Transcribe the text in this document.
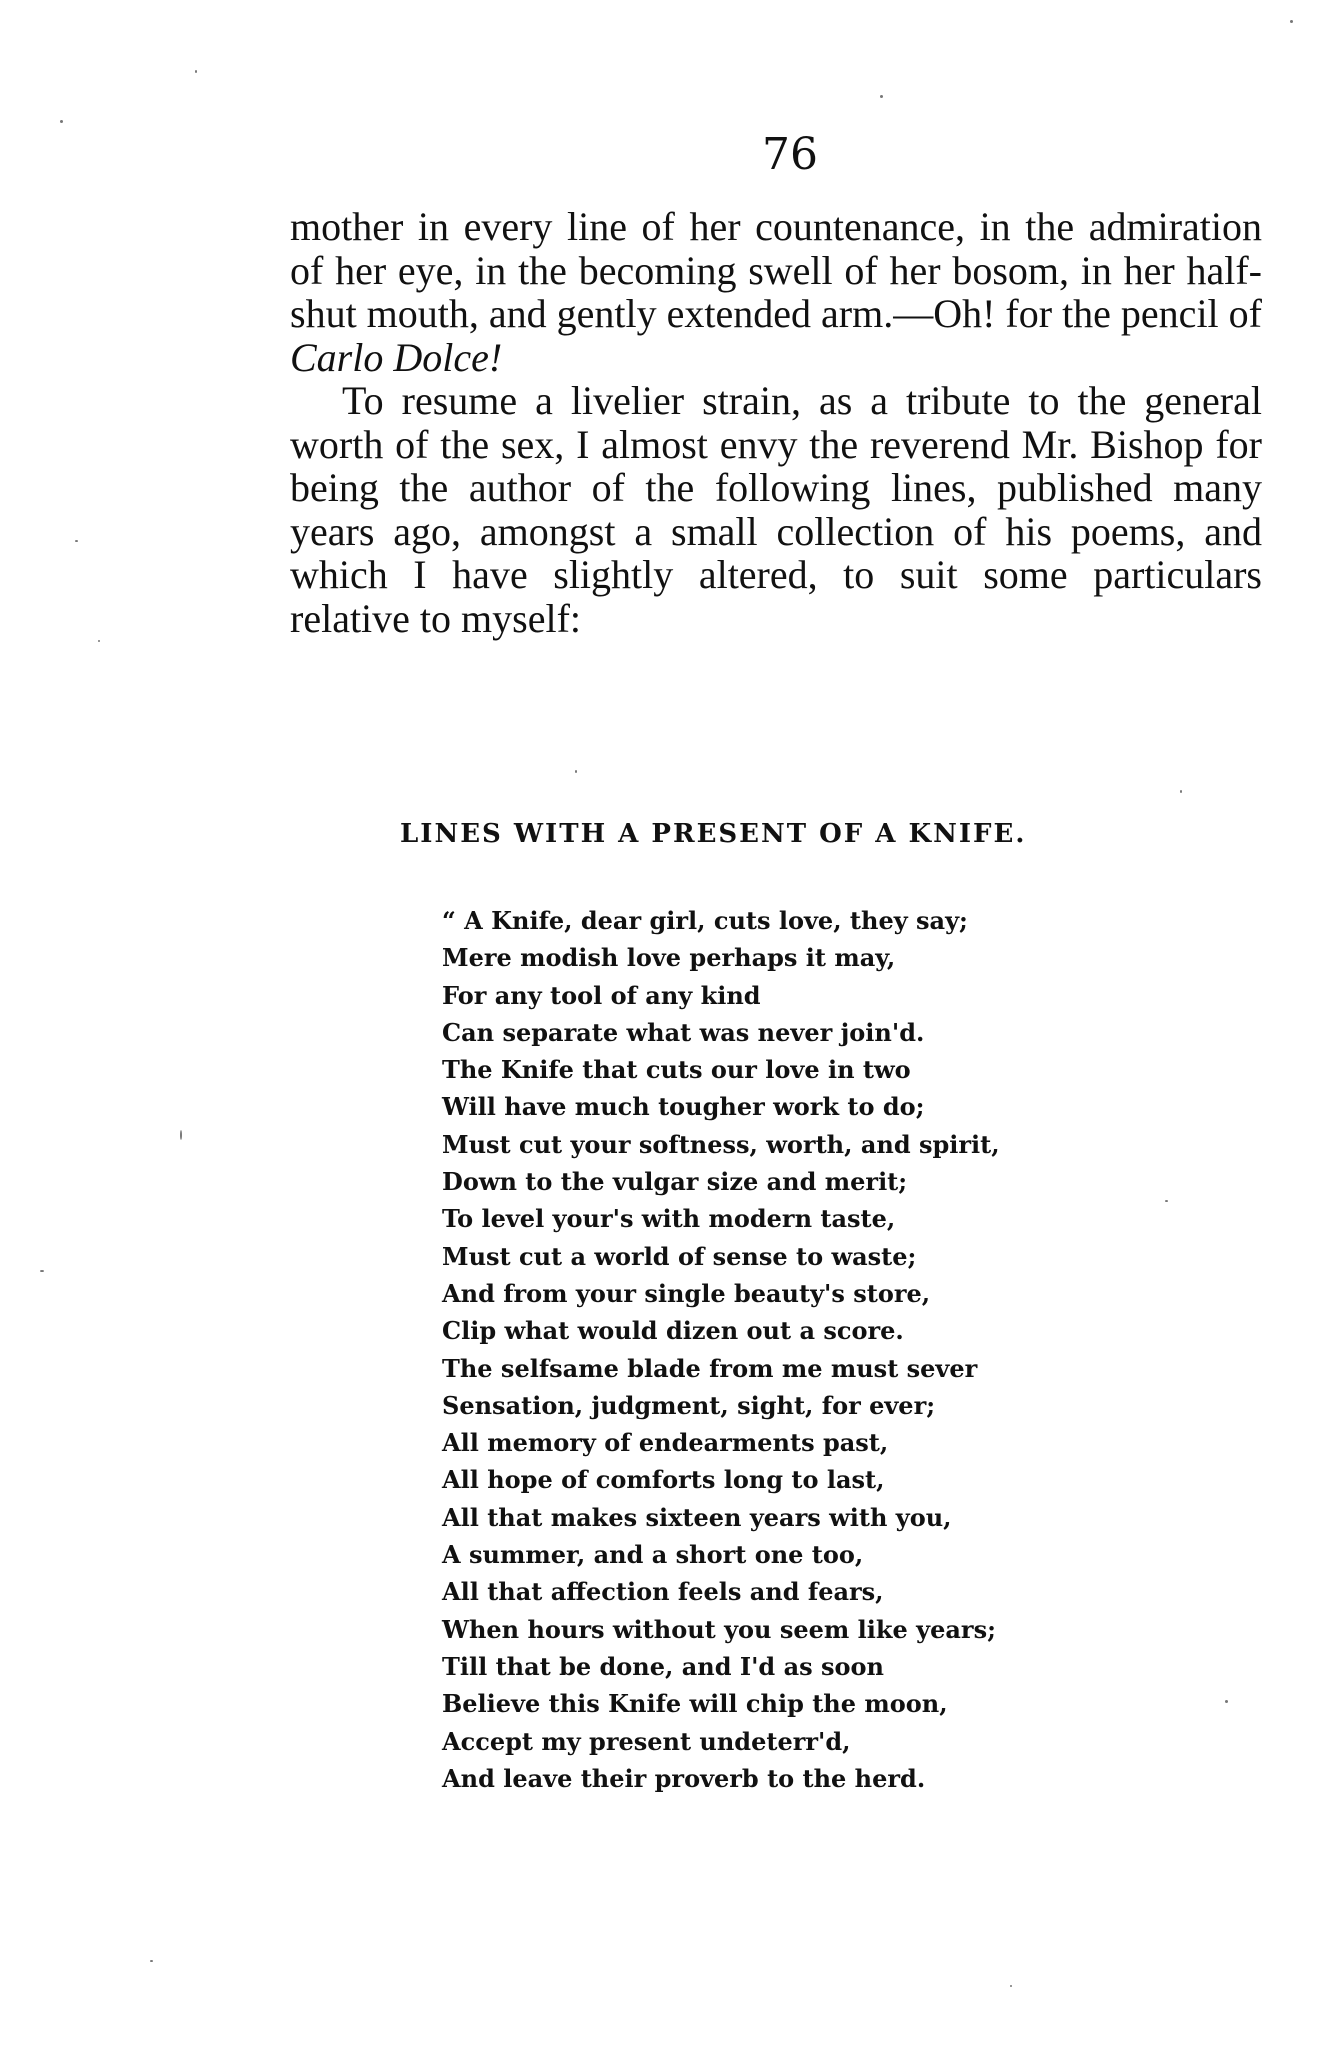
76

mother in every line of her countenance, in the admiration of her eye, in the becoming swell of her bosom, in her half-shut mouth, and gently extended arm.—Oh! for the pencil of Carlo Dolce!

To resume a livelier strain, as a tribute to the general worth of the sex, I almost envy the reverend Mr. Bishop for being the author of the following lines, published many years ago, amongst a small collection of his poems, and which I have slightly altered, to suit some particulars relative to myself:

LINES WITH A PRESENT OF A KNIFE.
“ A Knife, dear girl, cuts love, they say;
Mere modish love perhaps it may,
For any tool of any kind
Can separate what was never join'd.
The Knife that cuts our love in two
Will have much tougher work to do;
Must cut your softness, worth, and spirit,
Down to the vulgar size and merit;
To level your's with modern taste,
Must cut a world of sense to waste;
And from your single beauty's store,
Clip what would dizen out a score.
The selfsame blade from me must sever
Sensation, judgment, sight, for ever;
All memory of endearments past,
All hope of comforts long to last,
All that makes sixteen years with you,
A summer, and a short one too,
All that affection feels and fears,
When hours without you seem like years;
Till that be done, and I'd as soon
Believe this Knife will chip the moon,
Accept my present undeterr'd,
And leave their proverb to the herd.
